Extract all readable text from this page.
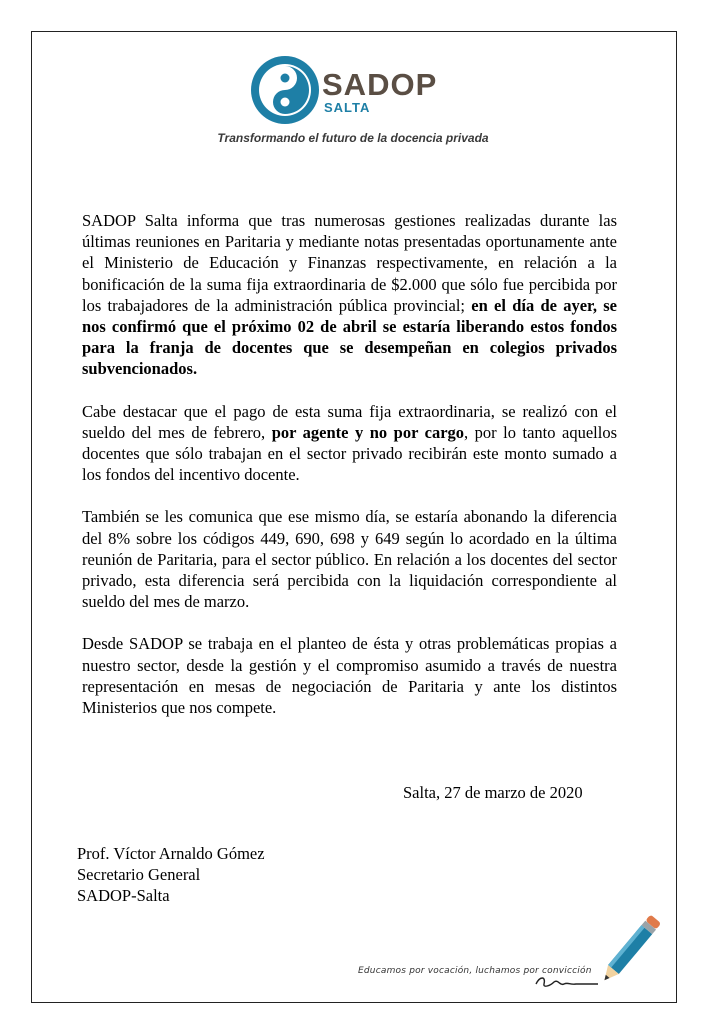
SADOP
SALTA
Transformando el futuro de la docencia privada

SADOP Salta informa que tras numerosas gestiones realizadas durante las últimas reuniones en Paritaria y mediante notas presentadas oportunamente ante el Ministerio de Educación y Finanzas respectivamente, en relación a la bonificación de la suma fija extraordinaria de $2.000 que sólo fue percibida por los trabajadores de la administración pública provincial; en el día de ayer, se nos confirmó que el próximo 02 de abril se estaría liberando estos fondos para la franja de docentes que se desempeñan en colegios privados subvencionados.

Cabe destacar que el pago de esta suma fija extraordinaria, se realizó con el sueldo del mes de febrero, por agente y no por cargo, por lo tanto aquellos docentes que sólo trabajan en el sector privado recibirán este monto sumado a los fondos del incentivo docente.

También se les comunica que ese mismo día, se estaría abonando la diferencia del 8% sobre los códigos 449, 690, 698 y 649 según lo acordado en la última reunión de Paritaria, para el sector público. En relación a los docentes del sector privado, esta diferencia será percibida con la liquidación correspondiente al sueldo del mes de marzo.

Desde SADOP se trabaja en el planteo de ésta y otras problemáticas propias a nuestro sector, desde la gestión y el compromiso asumido a través de nuestra representación en mesas de negociación de Paritaria y ante los distintos Ministerios que nos compete.

Salta, 27 de marzo de 2020
Prof. Víctor Arnaldo Gómez
Secretario General
SADOP-Salta
Educamos por vocación, luchamos por convicción
